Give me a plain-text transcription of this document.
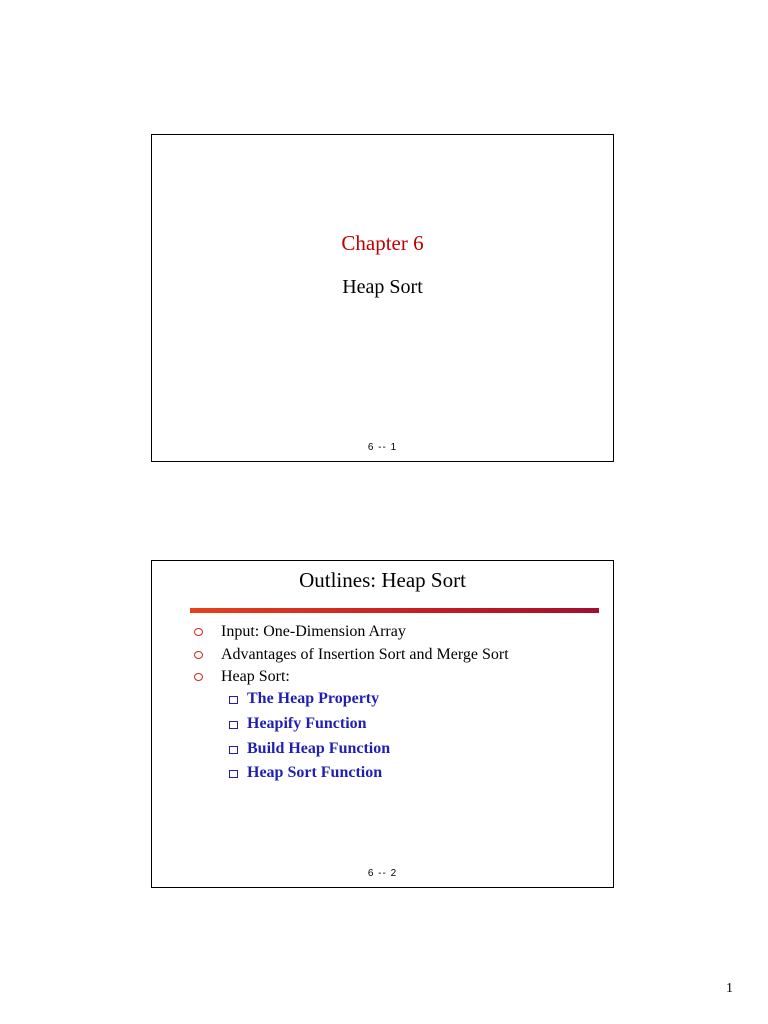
Chapter 6
Heap Sort
6 -- 1
Outlines: Heap Sort
Input: One-Dimension Array
Advantages of Insertion Sort and Merge Sort
Heap Sort:
The Heap Property
Heapify Function
Build Heap Function
Heap Sort Function
6 -- 2
1
